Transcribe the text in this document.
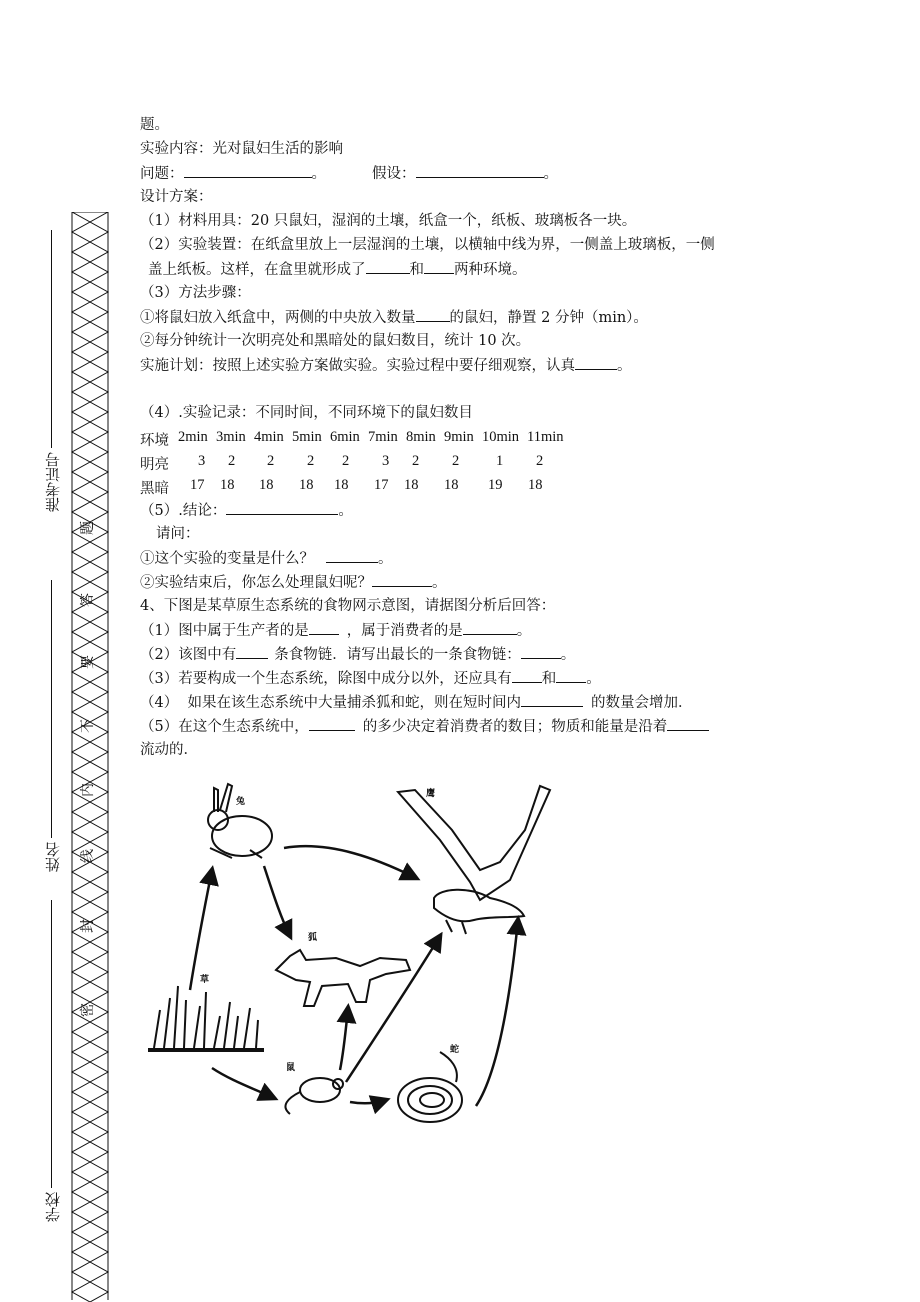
准考证号
姓名
学校
题
答
要
不
内
线
封
密
题。
实验内容：光对鼠妇生活的影响
问题：	。	假设：	。
设计方案：
（1）材料用具：20 只鼠妇，湿润的土壤，纸盒一个，纸板、玻璃板各一块。
（2）实验装置：在纸盒里放上一层湿润的土壤，以横轴中线为界，一侧盖上玻璃板，一侧
盖上纸板。这样，在盒里就形成了	和 两种环境。
（3）方法步骤：
①将鼠妇放入纸盒中，两侧的中央放入数量 的鼠妇，静置 2 分钟（min）。
②每分钟统计一次明亮处和黑暗处的鼠妇数目，统计 10 次。
实施计划：按照上述实验方案做实验。实验过程中要仔细观察，认真	。
（4）.实验记录：不同时间，不同环境下的鼠妇数目
环境 2min 3min 4min 5min 6min 7min 8min 9min 10min 11min
明亮 3 2 2 2 2 3 2 2	1 2
黑暗 17 18 18 18 18 17 18 18 19 18
（5）.结论：	。
请问：
①这个实验的变量是什么？	。
②实验结束后，你怎么处理鼠妇呢？	。
4、下图是某草原生态系统的食物网示意图，请据图分析后回答：
（1）图中属于生产者的是	，属于消费者的是	。
（2）该图中有	条食物链．请写出最长的一条食物链：	。
（3）若要构成一个生态系统，除图中成分以外，还应具有 和 。
（4）  如果在该生态系统中大量捕杀狐和蛇，则在短时间内	的数量会增加．
（5）在这个生态系统中，	的多少决定着消费者的数目；物质和能量是沿着
流动的．
兔
鹰
狐
草
鼠
蛇
